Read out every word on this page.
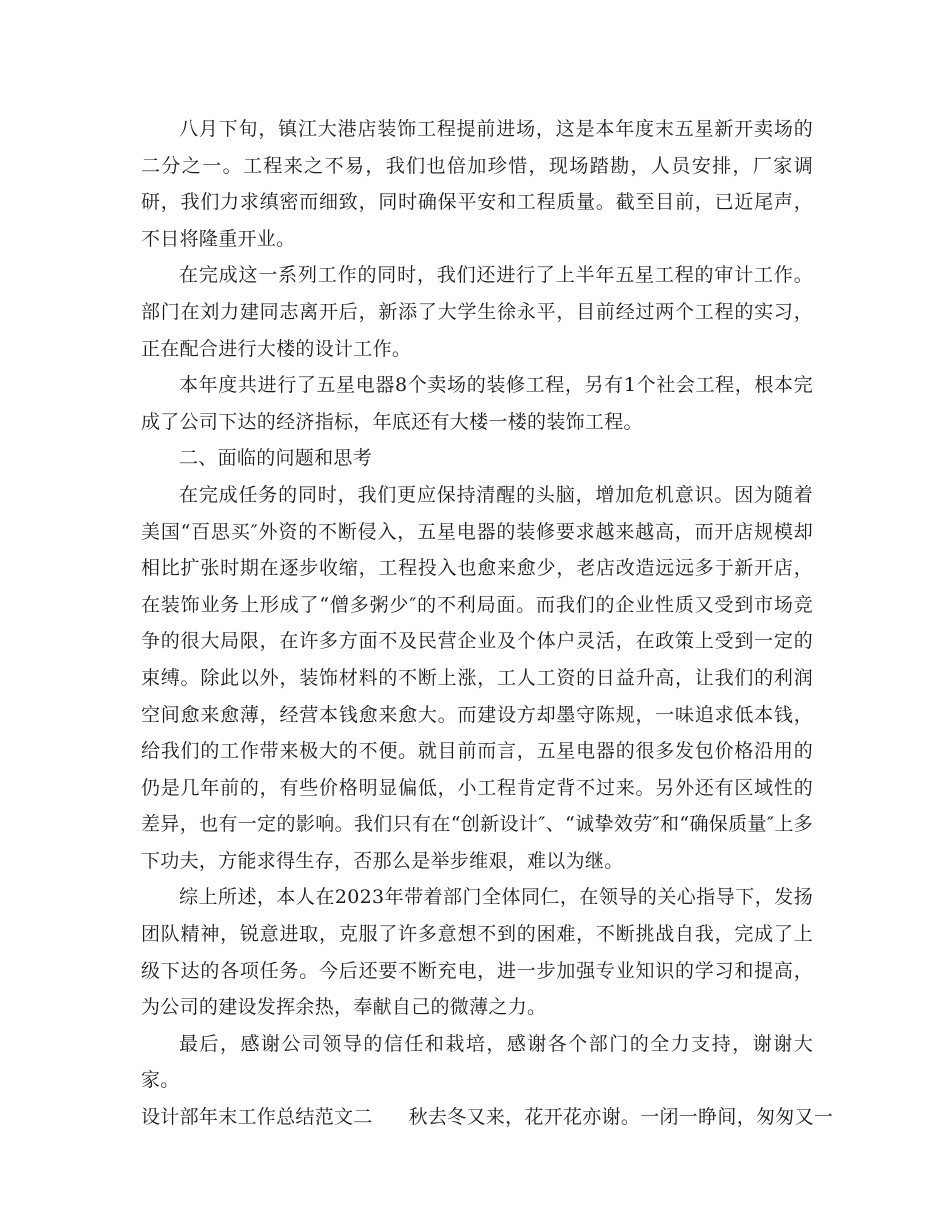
八月下旬，镇江大港店装饰工程提前进场，这是本年度末五星新开卖场的二分之一。工程来之不易，我们也倍加珍惜，现场踏勘，人员安排，厂家调研，我们力求缜密而细致，同时确保平安和工程质量。截至目前，已近尾声，不日将隆重开业。

在完成这一系列工作的同时，我们还进行了上半年五星工程的审计工作。部门在刘力建同志离开后，新添了大学生徐永平，目前经过两个工程的实习，正在配合进行大楼的设计工作。

本年度共进行了五星电器8个卖场的装修工程，另有1个社会工程，根本完成了公司下达的经济指标，年底还有大楼一楼的装饰工程。

二、面临的问题和思考

在完成任务的同时，我们更应保持清醒的头脑，增加危机意识。因为随着美国“百思买″外资的不断侵入，五星电器的装修要求越来越高，而开店规模却相比扩张时期在逐步收缩，工程投入也愈来愈少，老店改造远远多于新开店，在装饰业务上形成了“僧多粥少″的不利局面。而我们的企业性质又受到市场竞争的很大局限，在许多方面不及民营企业及个体户灵活，在政策上受到一定的束缚。除此以外，装饰材料的不断上涨，工人工资的日益升高，让我们的利润空间愈来愈薄，经营本钱愈来愈大。而建设方却墨守陈规，一味追求低本钱，给我们的工作带来极大的不便。就目前而言，五星电器的很多发包价格沿用的仍是几年前的，有些价格明显偏低，小工程肯定背不过来。另外还有区域性的差异，也有一定的影响。我们只有在“创新设计″、“诚挚效劳″和“确保质量″上多下功夫，方能求得生存，否那么是举步维艰，难以为继。

综上所述，本人在2023年带着部门全体同仁，在领导的关心指导下，发扬团队精神，锐意进取，克服了许多意想不到的困难，不断挑战自我，完成了上级下达的各项任务。今后还要不断充电，进一步加强专业知识的学习和提高，为公司的建设发挥余热，奉献自己的微薄之力。

最后，感谢公司领导的信任和栽培，感谢各个部门的全力支持，谢谢大家。

设计部年末工作总结范文二 秋去冬又来，花开花亦谢。一闭一睁间，匆匆又一
